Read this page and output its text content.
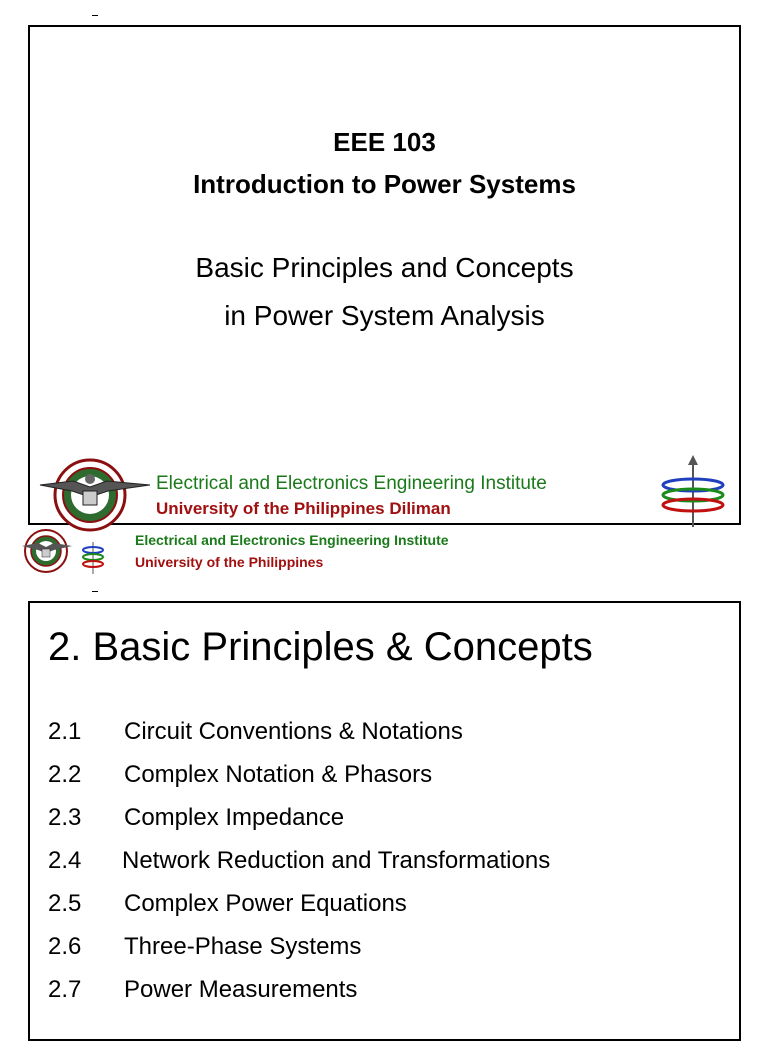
EEE 103
Introduction to Power Systems
Basic Principles and Concepts
in Power System Analysis
Electrical and Electronics Engineering Institute
University of the Philippines Diliman
Electrical and Electronics Engineering Institute
University of the Philippines
2. Basic Principles & Concepts
2.1 Circuit Conventions & Notations
2.2 Complex Notation & Phasors
2.3 Complex Impedance
2.4 Network Reduction and Transformations
2.5 Complex Power Equations
2.6 Three-Phase Systems
2.7 Power Measurements
